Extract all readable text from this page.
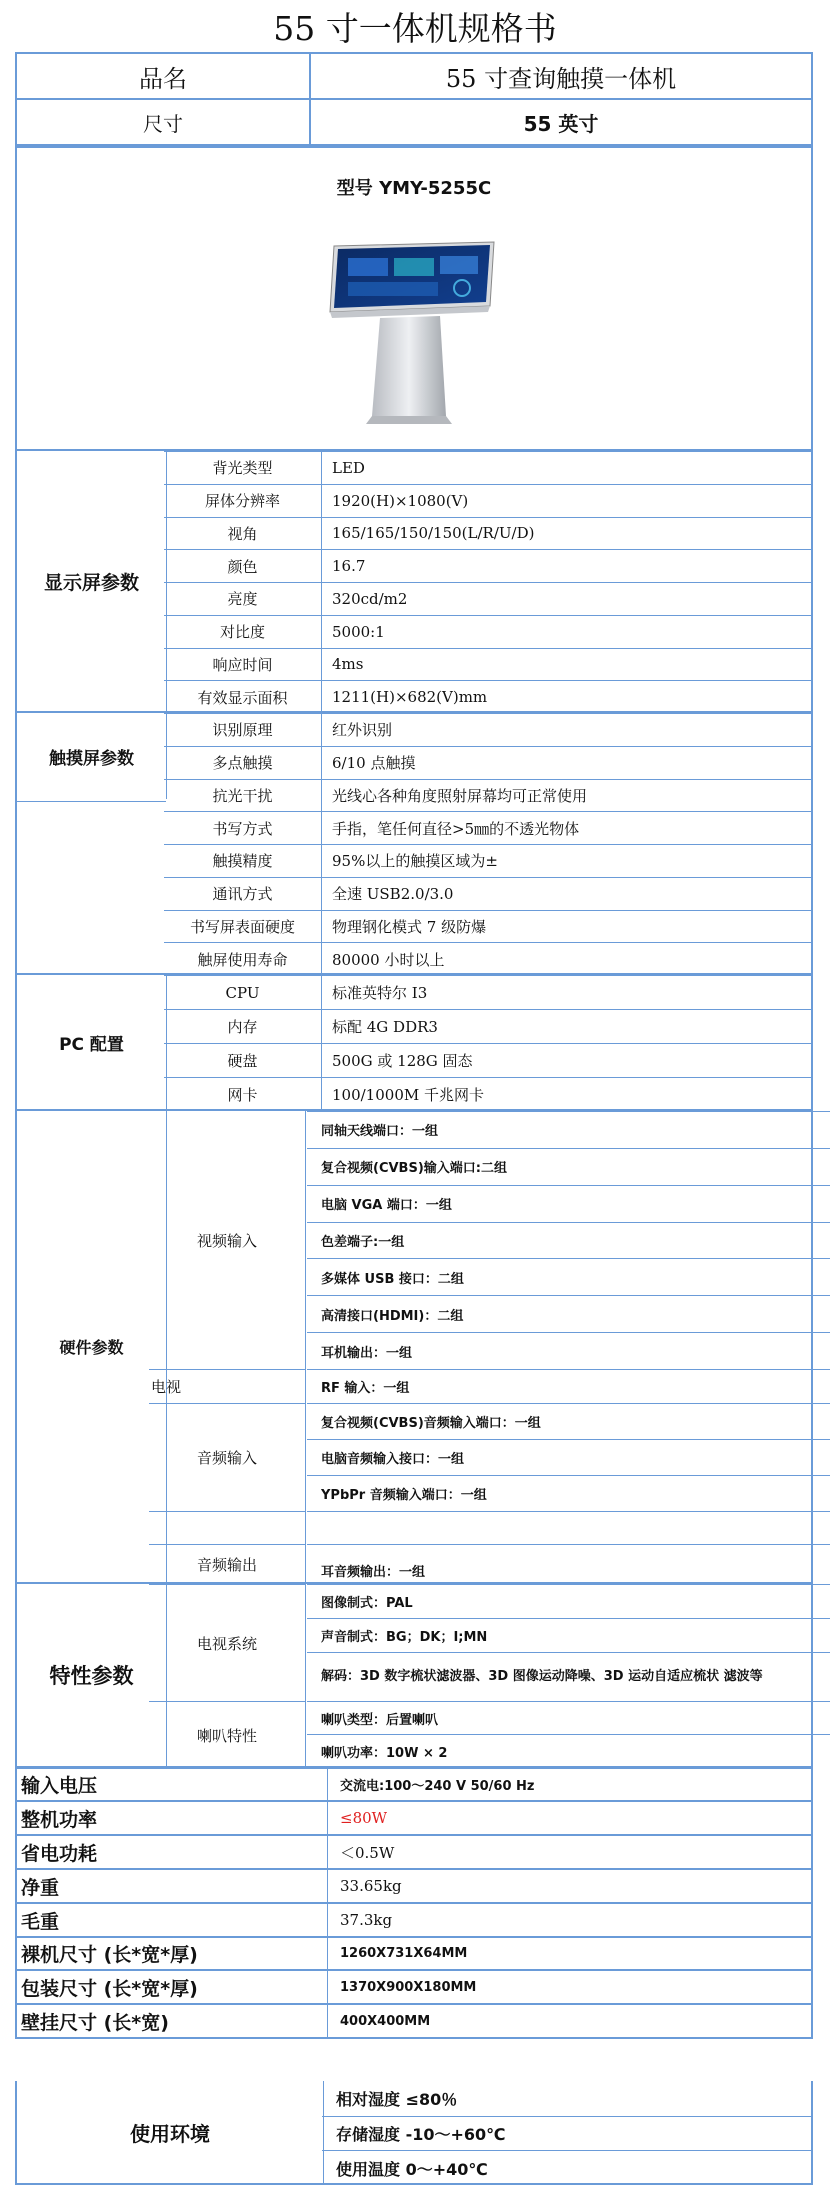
55 寸一体机规格书
品名	55 寸查询触摸一体机
尺寸	55 英寸
型号 YMY-5255C
显示屏参数
背光类型	LED
屏体分辨率	1920(H)×1080(V)
视角	165/165/150/150(L/R/U/D)
颜色	16.7
亮度	320cd/m2
对比度	5000:1
响应时间	4ms
有效显示面积	1211(H)×682(V)mm
触摸屏参数
识别原理	红外识别
多点触摸	6/10 点触摸
抗光干扰	光线心各种角度照射屏幕均可正常使用
书写方式	手指，笔任何直径>5㎜的不透光物体
触摸精度	95%以上的触摸区域为±
通讯方式	全速 USB2.0/3.0
书写屏表面硬度	物理钢化模式 7 级防爆
触屏使用寿命	80000 小时以上
PC 配置
CPU	标准英特尔 I3
内存	标配 4G DDR3
硬盘	500G 或 128G 固态
网卡	100/1000M 千兆网卡
硬件参数
视频输入
同轴天线端口：一组
复合视频(CVBS)输入端口:二组
电脑 VGA 端口：一组
色差端子:一组
多媒体 USB 接口：二组
高清接口(HDMI)：二组
耳机输出：一组
电视	RF 输入：一组
音频输入
复合视频(CVBS)音频输入端口：一组
电脑音频输入接口：一组
YPbPr 音频输入端口：一组
音频输出	耳音频输出：一组
特性参数
电视系统
图像制式：PAL
声音制式：BG；DK；I;MN
解码：3D 数字梳状滤波器、3D 图像运动降噪、3D 运动自适应梳状 滤波等
喇叭特性
喇叭类型：后置喇叭
喇叭功率：10W × 2
输入电压	交流电:100～240 V 50/60 Hz
整机功率	≤80W
省电功耗	＜0.5W
净重	33.65kg
毛重	37.3kg
裸机尺寸 (长*宽*厚)	1260X731X64MM
包装尺寸 (长*宽*厚)	1370X900X180MM
壁挂尺寸 (长*宽)	400X400MM
使用环境
相对湿度 ≤80％
存储湿度 -10～+60℃
使用温度 0～+40℃
